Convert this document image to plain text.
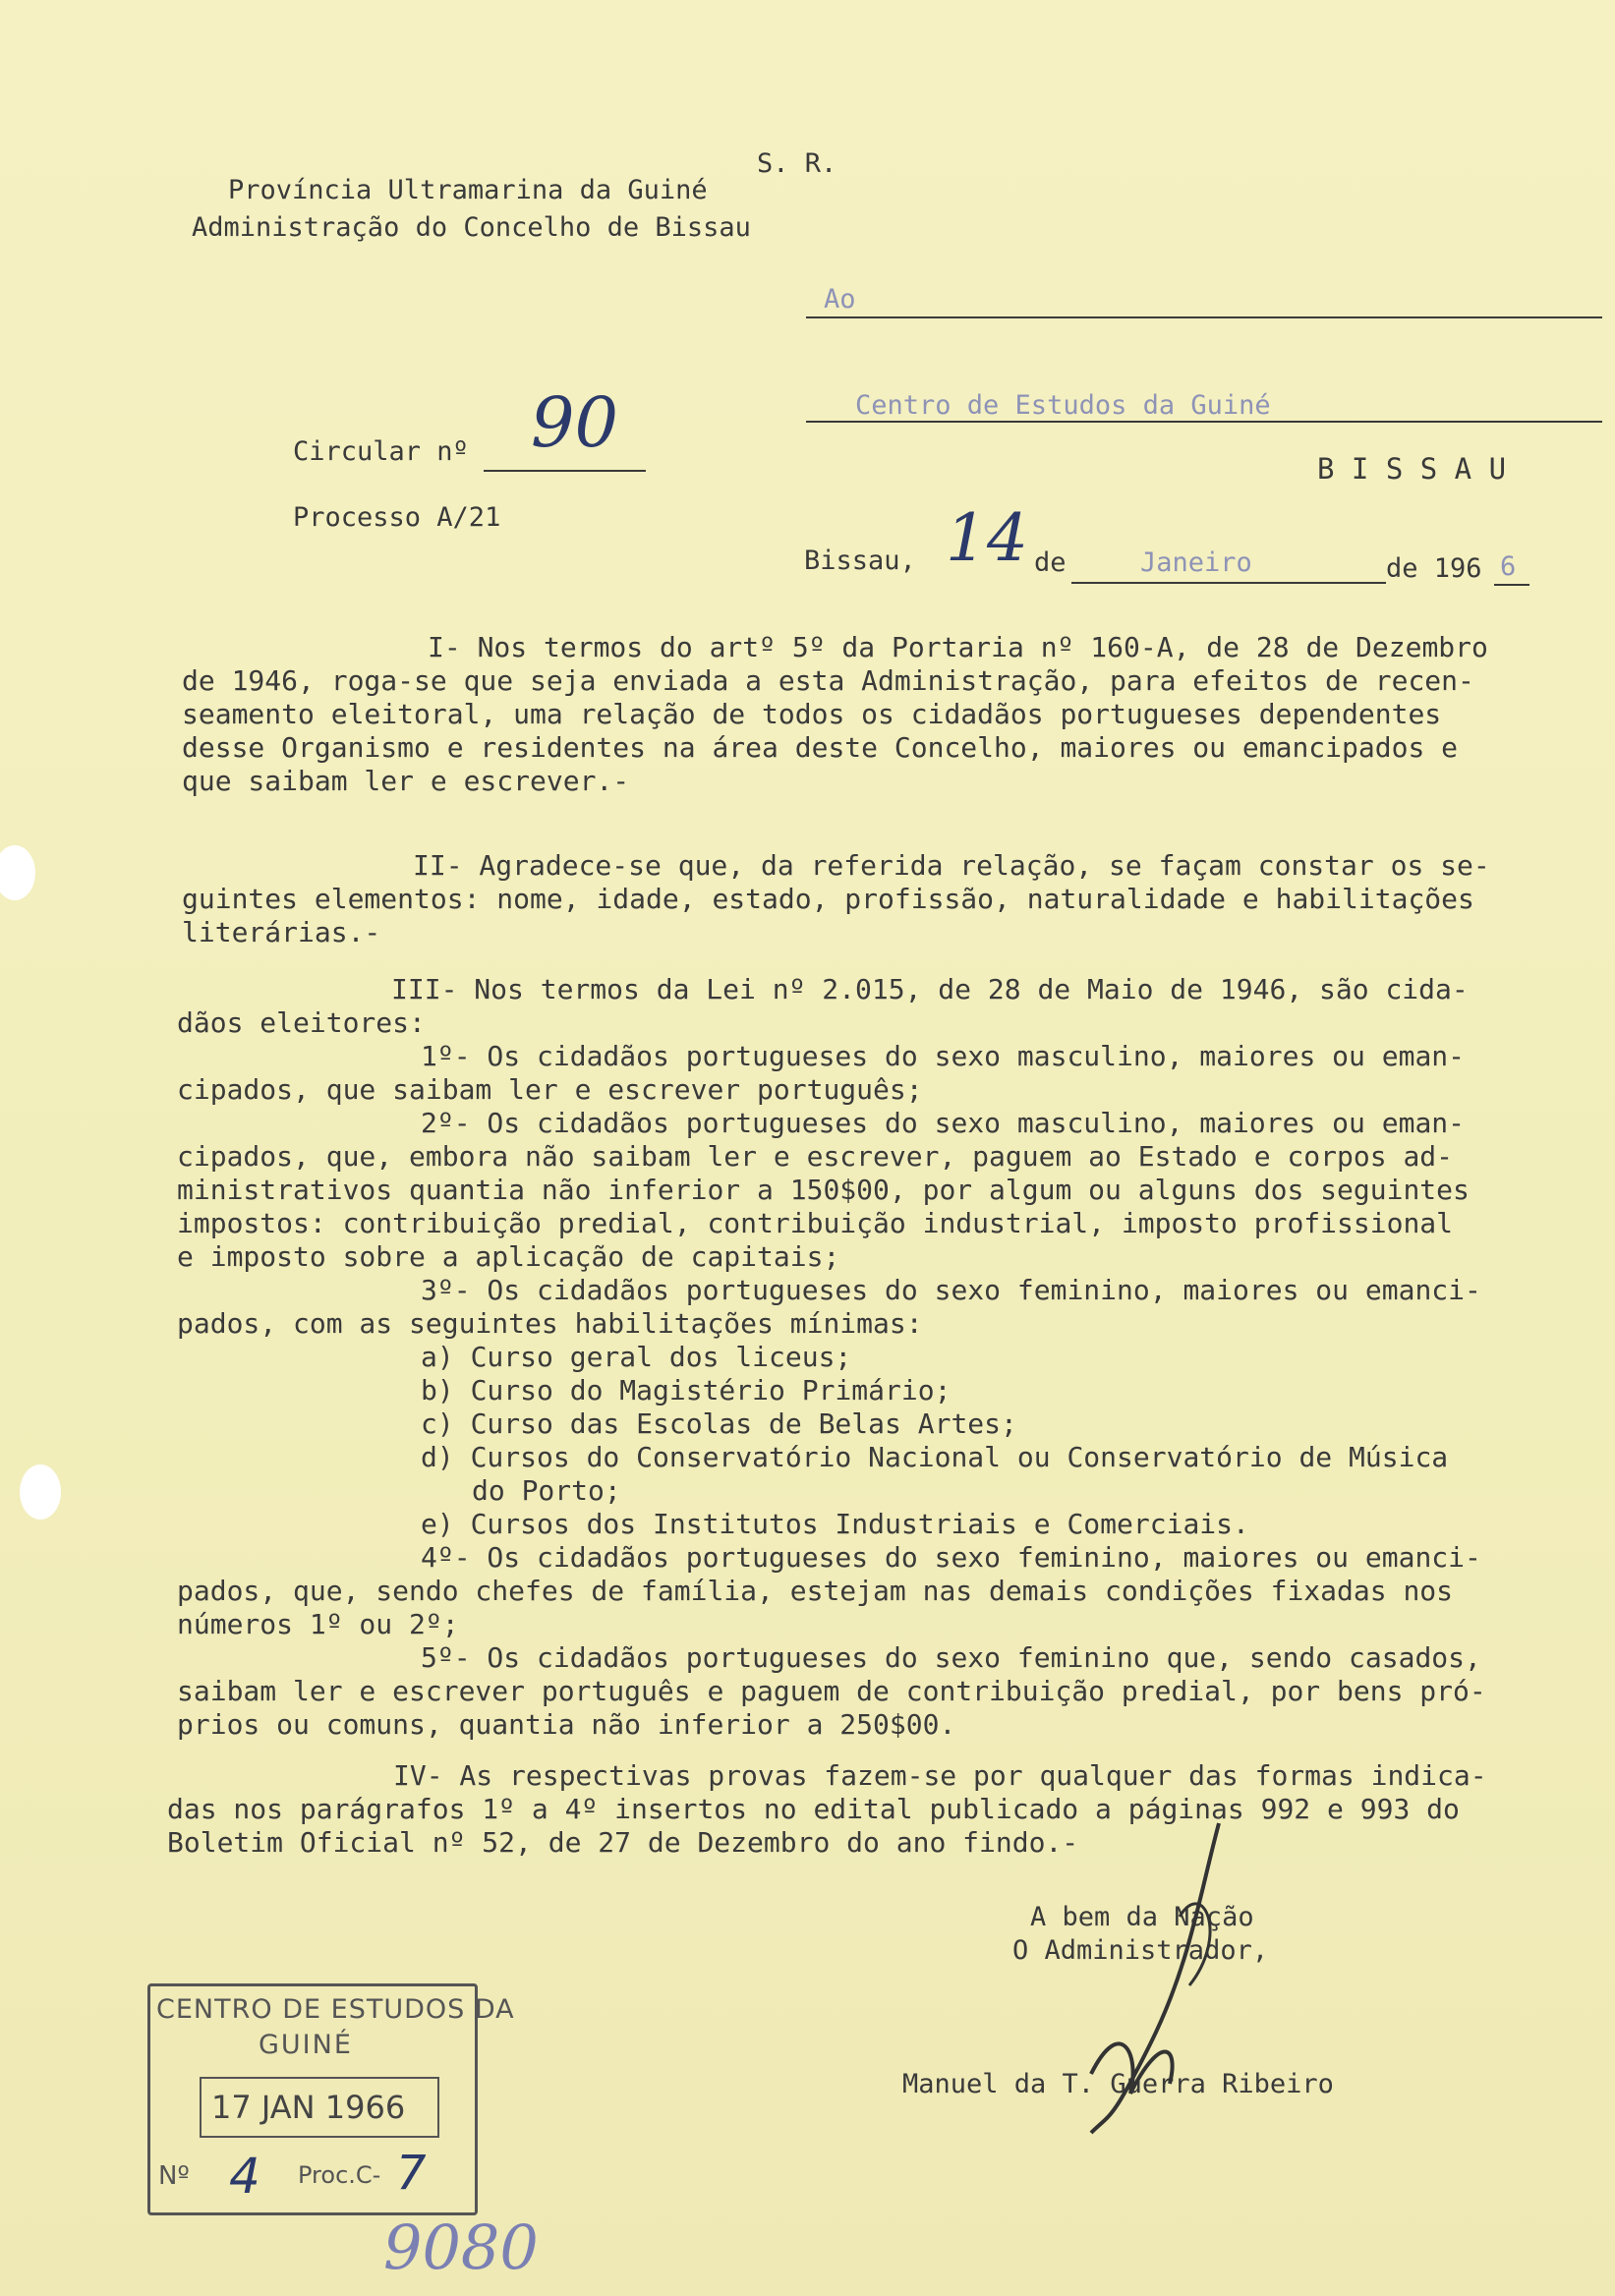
S. R.
Província Ultramarina da Guiné
Administração do Concelho de Bissau
Ao
Centro de Estudos da Guiné
B I S S A U
Circular nº 90
Processo A/21
Bissau, 14 de	Janeiro	de 196 6

I- Nos termos do artº 5º da Portaria nº 160-A, de 28 de Dezembro

de 1946, roga-se que seja enviada a esta Administração, para efeitos de recen-

seamento eleitoral, uma relação de todos os cidadãos portugueses dependentes

desse Organismo e residentes na área deste Concelho, maiores ou emancipados e

que saibam ler e escrever.-

II- Agradece-se que, da referida relação, se façam constar os se-

guintes elementos: nome, idade, estado, profissão, naturalidade e habilitações

literárias.-

III- Nos termos da Lei nº 2.015, de 28 de Maio de 1946, são cida-

dãos eleitores:

1º- Os cidadãos portugueses do sexo masculino, maiores ou eman-

cipados, que saibam ler e escrever português;

2º- Os cidadãos portugueses do sexo masculino, maiores ou eman-

cipados, que, embora não saibam ler e escrever, paguem ao Estado e corpos ad-

ministrativos quantia não inferior a 150$00, por algum ou alguns dos seguintes

impostos: contribuição predial, contribuição industrial, imposto profissional

e imposto sobre a aplicação de capitais;

3º- Os cidadãos portugueses do sexo feminino, maiores ou emanci-

pados, com as seguintes habilitações mínimas:

a) Curso geral dos liceus;

b) Curso do Magistério Primário;

c) Curso das Escolas de Belas Artes;

d) Cursos do Conservatório Nacional ou Conservatório de Música

do Porto;

e) Cursos dos Institutos Industriais e Comerciais.

4º- Os cidadãos portugueses do sexo feminino, maiores ou emanci-

pados, que, sendo chefes de família, estejam nas demais condições fixadas nos

números 1º ou 2º;

5º- Os cidadãos portugueses do sexo feminino que, sendo casados,

saibam ler e escrever português e paguem de contribuição predial, por bens pró-

prios ou comuns, quantia não inferior a 250$00.

IV- As respectivas provas fazem-se por qualquer das formas indica-

das nos parágrafos 1º a 4º insertos no edital publicado a páginas 992 e 993 do

Boletim Oficial nº 52, de 27 de Dezembro do ano findo.-

A bem da Nação
O Administrador,
Manuel da T. Guerra Ribeiro
CENTRO DE ESTUDOS DA
GUINÉ
17 JAN 1966
Nº 4 Proc.C- 7
9080
